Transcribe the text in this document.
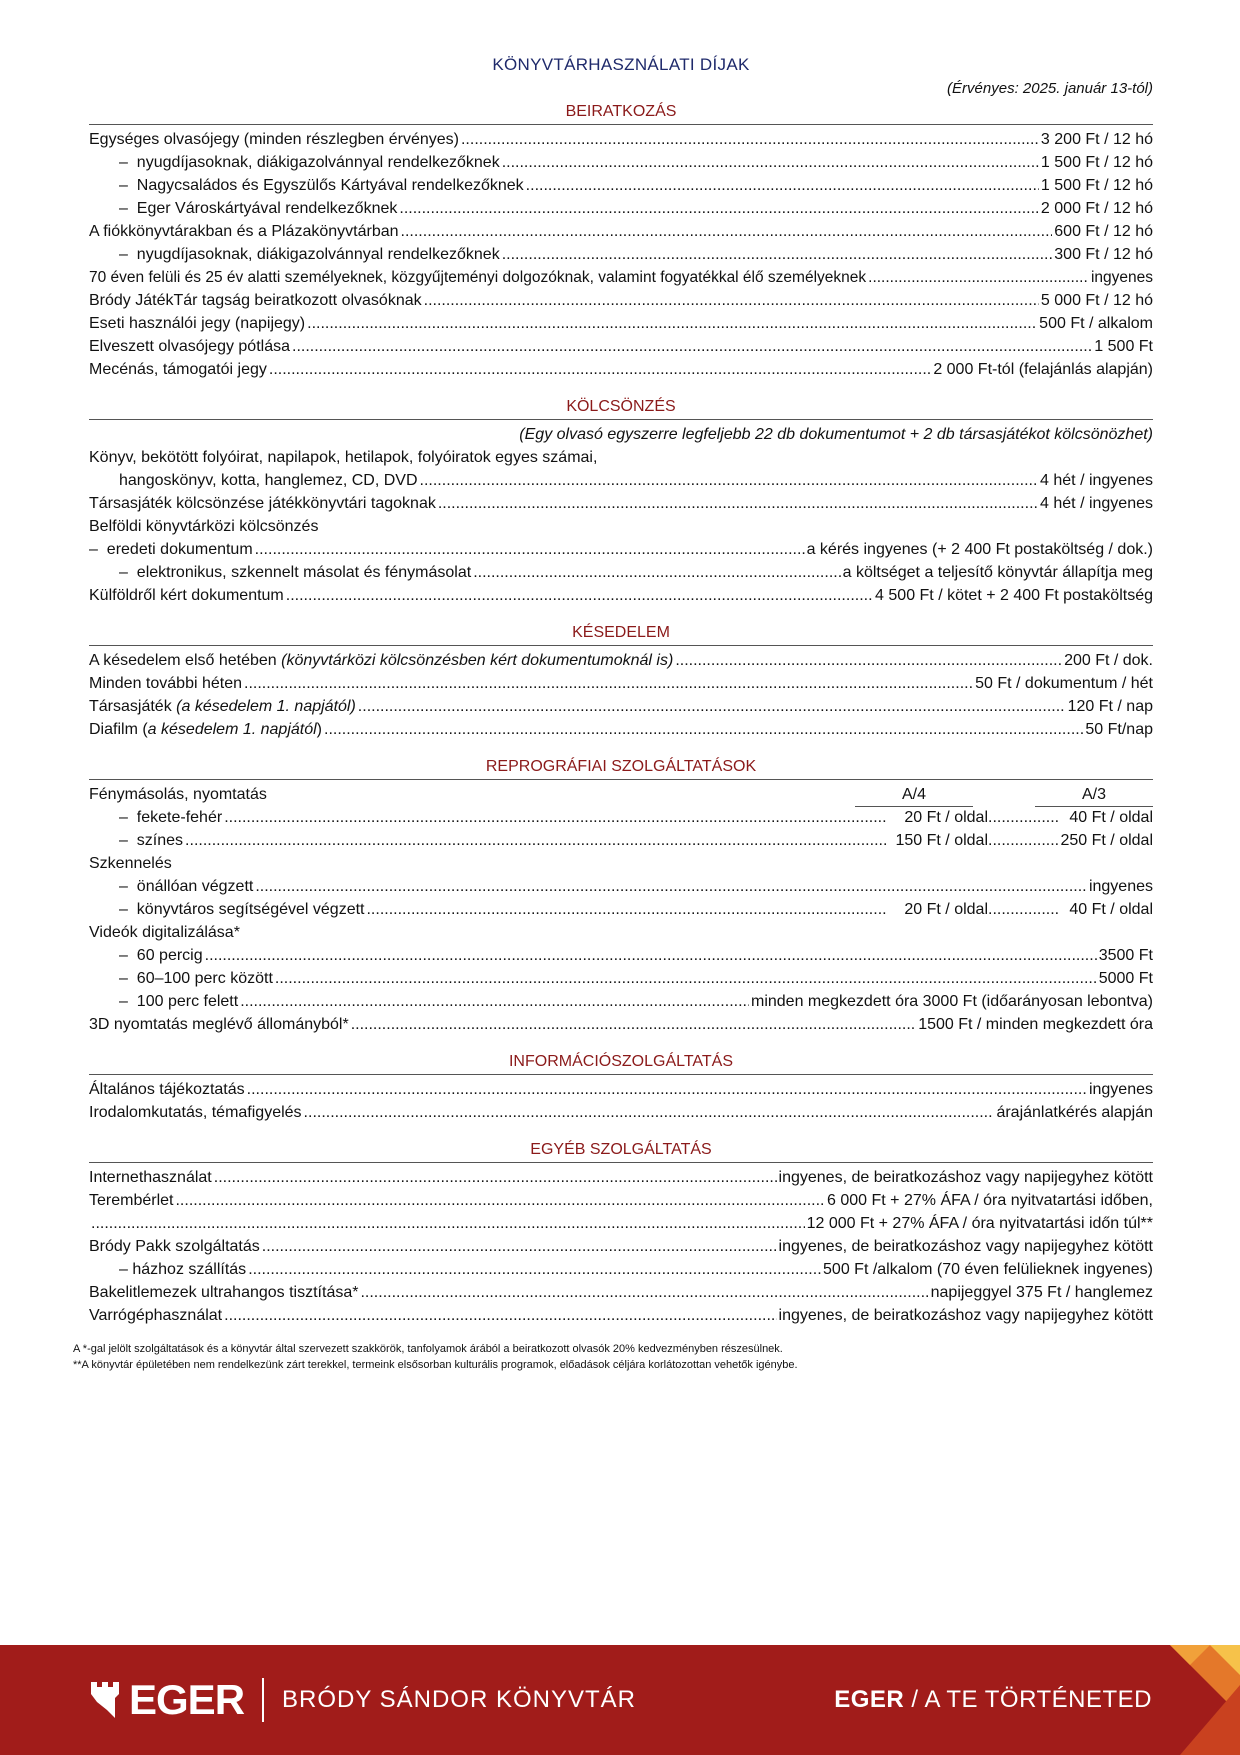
KÖNYVTÁRHASZNÁLATI DÍJAK
(Érvényes: 2025. január 13-tól)
BEIRATKOZÁS
Egységes olvasójegy (minden részlegben érvényes) .....	3 200 Ft / 12 hó
– nyugdíjasoknak, diákigazolvánnyal rendelkezőknek .....	1 500 Ft / 12 hó
– Nagycsaládos és Egyszülős Kártyával rendelkezőknek .....	1 500 Ft / 12 hó
– Eger Városkártyával rendelkezőknek .....	2 000 Ft / 12 hó
A fiókkönyvtárakban és a Plázakönyvtárban .....	600 Ft / 12 hó
– nyugdíjasoknak, diákigazolvánnyal rendelkezőknek .....	300 Ft / 12 hó
70 éven felüli és 25 év alatti személyeknek, közgyűjteményi dolgozóknak, valamint fogyatékkal élő személyeknek .....	ingyenes
Bródy JátékTár tagság beiratkozott olvasóknak .....	5 000 Ft / 12 hó
Eseti használói jegy (napijegy) .....	500 Ft / alkalom
Elveszett olvasójegy pótlása .....	1 500 Ft
Mecénás, támogatói jegy .....	2 000 Ft-tól (felajánlás alapján)
KÖLCSÖNZÉS
(Egy olvasó egyszerre legfeljebb 22 db dokumentumot + 2 db társasjátékot kölcsönözhet)
Könyv, bekötött folyóirat, napilapok, hetilapok, folyóiratok egyes számai,
hangoskönyv, kotta, hanglemez, CD, DVD .....	4 hét / ingyenes
Társasjáték kölcsönzése játékkönyvtári tagoknak .....	4 hét / ingyenes
Belföldi könyvtárközi kölcsönzés
– eredeti dokumentum .....	a kérés ingyenes (+ 2 400 Ft postaköltség / dok.)
– elektronikus, szkennelt másolat és fénymásolat .....	a költséget a teljesítő könyvtár állapítja meg
Külföldről kért dokumentum .....	4 500 Ft / kötet + 2 400 Ft postaköltség
KÉSEDELEM
A késedelem első hetében (könyvtárközi kölcsönzésben kért dokumentumoknál is) .....	200 Ft / dok.
Minden további héten .....	50 Ft / dokumentum / hét
Társasjáték (a késedelem 1. napjától) .....	120 Ft / nap
Diafilm (a késedelem 1. napjától) .....	50 Ft/nap
REPROGRÁFIAI SZOLGÁLTATÁSOK
Fénymásolás, nyomtatás	A/4	A/3
– fekete-fehér .....	20 Ft / oldal .....	40 Ft / oldal
– színes .....	150 Ft / oldal .....	250 Ft / oldal
Szkennelés
– önállóan végzett .....	ingyenes
– könyvtáros segítségével végzett .....	20 Ft / oldal .....	40 Ft / oldal
Videók digitalizálása*
– 60 percig .....	3500 Ft
– 60–100 perc között .....	5000 Ft
– 100 perc felett .....	minden megkezdett óra 3000 Ft (időarányosan lebontva)
3D nyomtatás meglévő állományból* .....	1500 Ft / minden megkezdett óra
INFORMÁCIÓSZOLGÁLTATÁS
Általános tájékoztatás .....	ingyenes
Irodalomkutatás, témafigyelés .....	árajánlatkérés alapján
EGYÉB SZOLGÁLTATÁS
Internethasználat .....	ingyenes, de beiratkozáshoz vagy napijegyhez kötött
Terembérlet .....	6 000 Ft + 27% ÁFA / óra nyitvatartási időben,
.....
12 000 Ft + 27% ÁFA / óra nyitvatartási időn túl**
Bródy Pakk szolgáltatás .....	ingyenes, de beiratkozáshoz vagy napijegyhez kötött
– házhoz szállítás .....	500 Ft /alkalom (70 éven felülieknek ingyenes)
Bakelitlemezek ultrahangos tisztítása* .....	napijeggyel 375 Ft / hanglemez
Varrógéphasználat .....	ingyenes, de beiratkozáshoz vagy napijegyhez kötött
A *-gal jelölt szolgáltatások és a könyvtár által szervezett szakkörök, tanfolyamok árából a beiratkozott olvasók 20% kedvezményben részesülnek.
**A könyvtár épületében nem rendelkezünk zárt terekkel, termeink elsősorban kulturális programok, előadások céljára korlátozottan vehetők igénybe.
EGER BRÓDY SÁNDOR KÖNYVTÁR	EGER / A TE TÖRTÉNETED
